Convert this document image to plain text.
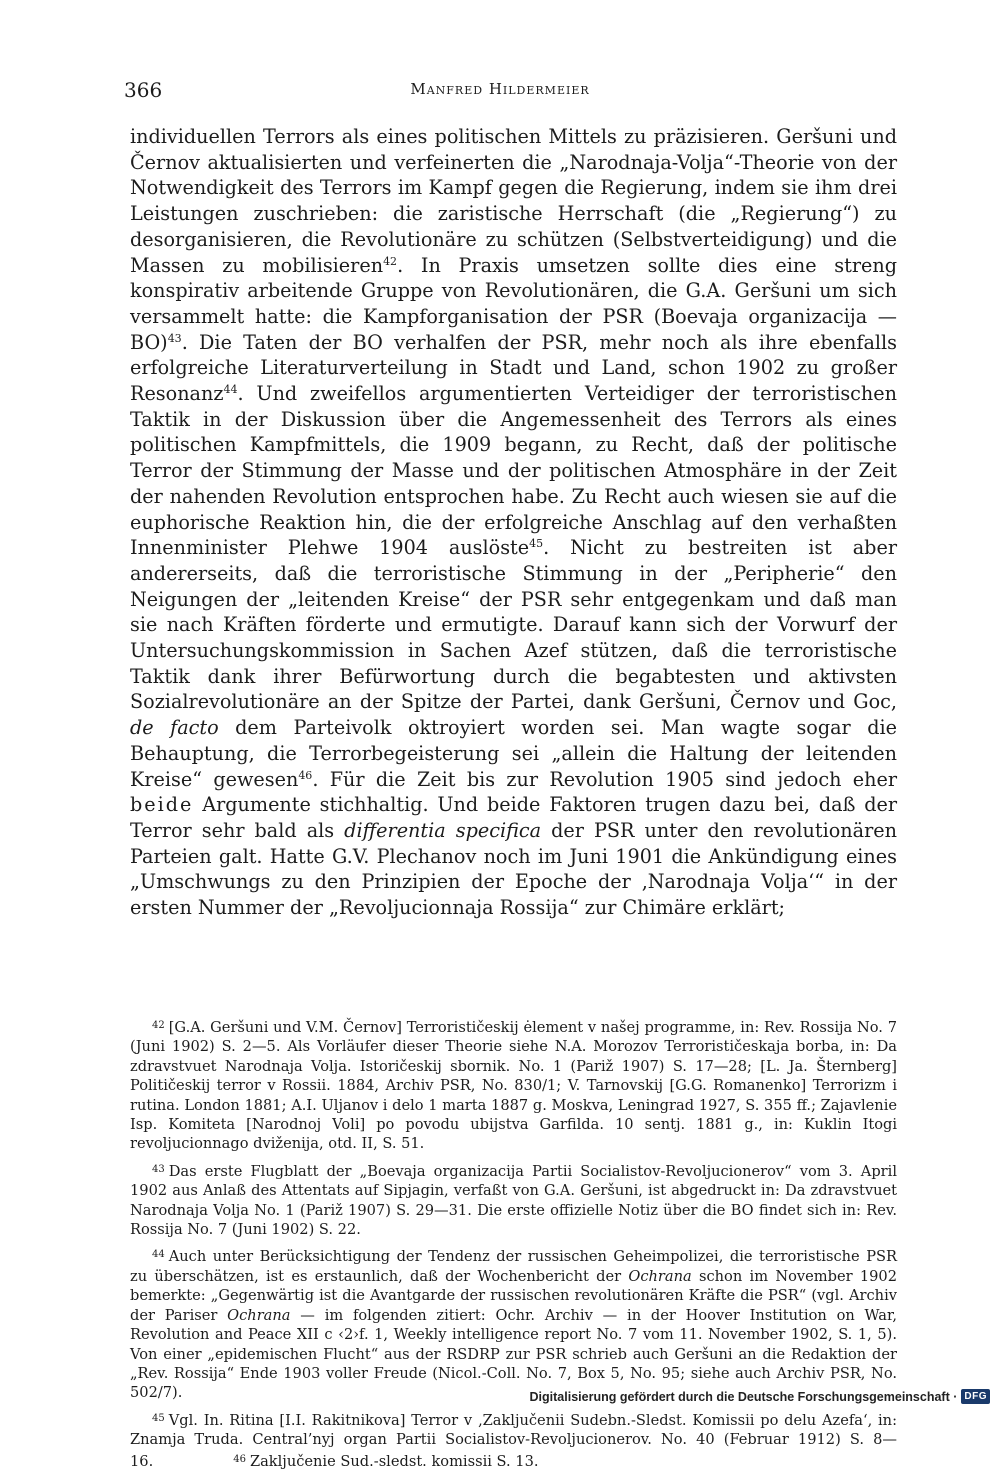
366	Manfred Hildermeier

individuellen Terrors als eines politischen Mittels zu präzisieren. Geršuni und Černov aktualisierten und verfeinerten die „Narodnaja-Volja“-Theorie von der Notwendigkeit des Terrors im Kampf gegen die Regierung, indem sie ihm drei Leistungen zuschrieben: die zaristische Herrschaft (die „Regierung“) zu desorganisieren, die Revolutionäre zu schützen (Selbstverteidigung) und die Massen zu mobilisieren$^{42}$. In Praxis umsetzen sollte dies eine streng konspirativ arbeitende Gruppe von Revolutionären, die G.A. Geršuni um sich versammelt hatte: die Kampforganisation der PSR (Boevaja organizacija — BO)$^{43}$. Die Taten der BO verhalfen der PSR, mehr noch als ihre ebenfalls erfolgreiche Literaturverteilung in Stadt und Land, schon 1902 zu großer Resonanz$^{44}$. Und zweifellos argumentierten Verteidiger der terroristischen Taktik in der Diskussion über die Angemessenheit des Terrors als eines politischen Kampfmittels, die 1909 begann, zu Recht, daß der politische Terror der Stimmung der Masse und der politischen Atmosphäre in der Zeit der nahenden Revolution entsprochen habe. Zu Recht auch wiesen sie auf die euphorische Reaktion hin, die der erfolgreiche Anschlag auf den verhaßten Innenminister Plehwe 1904 auslöste$^{45}$. Nicht zu bestreiten ist aber andererseits, daß die terroristische Stimmung in der „Peripherie“ den Neigungen der „leitenden Kreise“ der PSR sehr entgegenkam und daß man sie nach Kräften förderte und ermutigte. Darauf kann sich der Vorwurf der Untersuchungskommission in Sachen Azef stützen, daß die terroristische Taktik dank ihrer Befürwortung durch die begabtesten und aktivsten Sozialrevolutionäre an der Spitze der Partei, dank Geršuni, Černov und Goc, de facto dem Parteivolk oktroyiert worden sei. Man wagte sogar die Behauptung, die Terrorbegeisterung sei „allein die Haltung der leitenden Kreise“ gewesen$^{46}$. Für die Zeit bis zur Revolution 1905 sind jedoch eher beide Argumente stichhaltig. Und beide Faktoren trugen dazu bei, daß der Terror sehr bald als differentia specifica der PSR unter den revolutionären Parteien galt. Hatte G.V. Plechanov noch im Juni 1901 die Ankündigung eines „Umschwungs zu den Prinzipien der Epoche der ‚Narodnaja Volja‘“ in der ersten Nummer der „Revoljucionnaja Rossija“ zur Chimäre erklärt;

$^{42}$ [G.A. Geršuni und V.M. Černov] Terrorističeskij ėlement v našej programme, in: Rev. Rossija No. 7 (Juni 1902) S. 2—5. Als Vorläufer dieser Theorie siehe N.A. Morozov Terrorističeskaja borba, in: Da zdravstvuet Narodnaja Volja. Istoričeskij sbornik. No. 1 (Pariž 1907) S. 17—28; [L. Ja. Šternberg] Političeskij terror v Rossii. 1884, Archiv PSR, No. 830/1; V. Tarnovskij [G.G. Romanenko] Terrorizm i rutina. London 1881; A.I. Uljanov i delo 1 marta 1887 g. Moskva, Leningrad 1927, S. 355 ff.; Zajavlenie Isp. Komiteta [Narodnoj Voli] po povodu ubijstva Garfilda. 10 sentj. 1881 g., in: Kuklin Itogi revoljucionnago dviženija, otd. II, S. 51.

$^{43}$ Das erste Flugblatt der „Boevaja organizacija Partii Socialistov-Revoljucionerov“ vom 3. April 1902 aus Anlaß des Attentats auf Sipjagin, verfaßt von G.A. Geršuni, ist abgedruckt in: Da zdravstvuet Narodnaja Volja No. 1 (Pariž 1907) S. 29—31. Die erste offizielle Notiz über die BO findet sich in: Rev. Rossija No. 7 (Juni 1902) S. 22.

$^{44}$ Auch unter Berücksichtigung der Tendenz der russischen Geheimpolizei, die terroristische PSR zu überschätzen, ist es erstaunlich, daß der Wochenbericht der Ochrana schon im November 1902 bemerkte: „Gegenwärtig ist die Avantgarde der russischen revolutionären Kräfte die PSR“ (vgl. Archiv der Pariser Ochrana — im folgenden zitiert: Ochr. Archiv — in der Hoover Institution on War, Revolution and Peace XII c ‹2›f. 1, Weekly intelligence report No. 7 vom 11. November 1902, S. 1, 5). Von einer „epidemischen Flucht“ aus der RSDRP zur PSR schrieb auch Geršuni an die Redaktion der „Rev. Rossija“ Ende 1903 voller Freude (Nicol.-Coll. No. 7, Box 5, No. 95; siehe auch Archiv PSR, No. 502/7).

$^{45}$ Vgl. In. Ritina [I.I. Rakitnikova] Terror v ‚Zaključenii Sudebn.-Sledst. Komissii po delu Azefa‘, in: Znamja Truda. Central’nyj organ Partii Socialistov-Revoljucionerov. No. 40 (Februar 1912) S. 8—16.	$^{46}$ Zaključenie Sud.-sledst. komissii S. 13.

Digitalisierung gefördert durch die Deutsche Forschungsgemeinschaft · DFG
